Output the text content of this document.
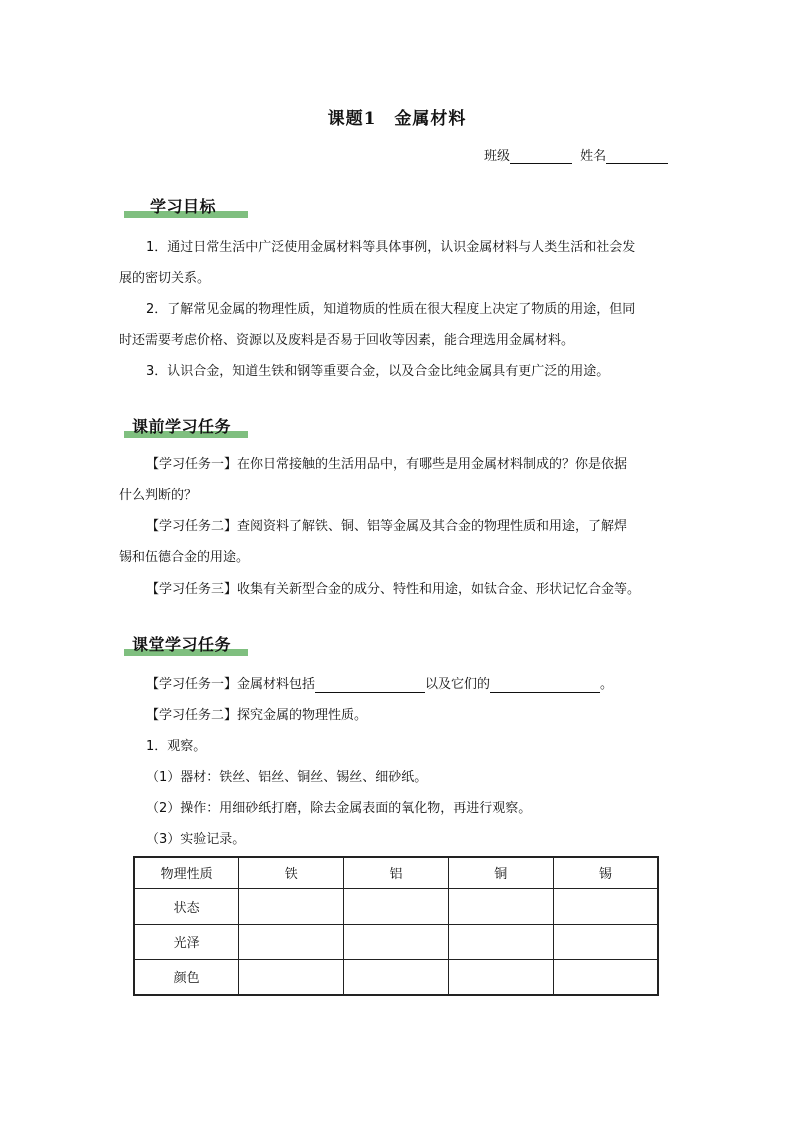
课题1　金属材料
班级	姓名
学习目标
1．通过日常生活中广泛使用金属材料等具体事例，认识金属材料与人类生活和社会发
展的密切关系。
2．了解常见金属的物理性质，知道物质的性质在很大程度上决定了物质的用途，但同
时还需要考虑价格、资源以及废料是否易于回收等因素，能合理选用金属材料。
3．认识合金，知道生铁和钢等重要合金，以及合金比纯金属具有更广泛的用途。
课前学习任务
【学习任务一】在你日常接触的生活用品中，有哪些是用金属材料制成的？你是依据
什么判断的？
【学习任务二】查阅资料了解铁、铜、铝等金属及其合金的物理性质和用途，了解焊
锡和伍德合金的用途。
【学习任务三】收集有关新型合金的成分、特性和用途，如钛合金、形状记忆合金等。
课堂学习任务
【学习任务一】金属材料包括	以及它们的	。
【学习任务二】探究金属的物理性质。
1．观察。
（1）器材：铁丝、铝丝、铜丝、锡丝、细砂纸。
（2）操作：用细砂纸打磨，除去金属表面的氧化物，再进行观察。
（3）实验记录。
物理性质	铁	铝	铜	锡
状态				
光泽				
颜色				
